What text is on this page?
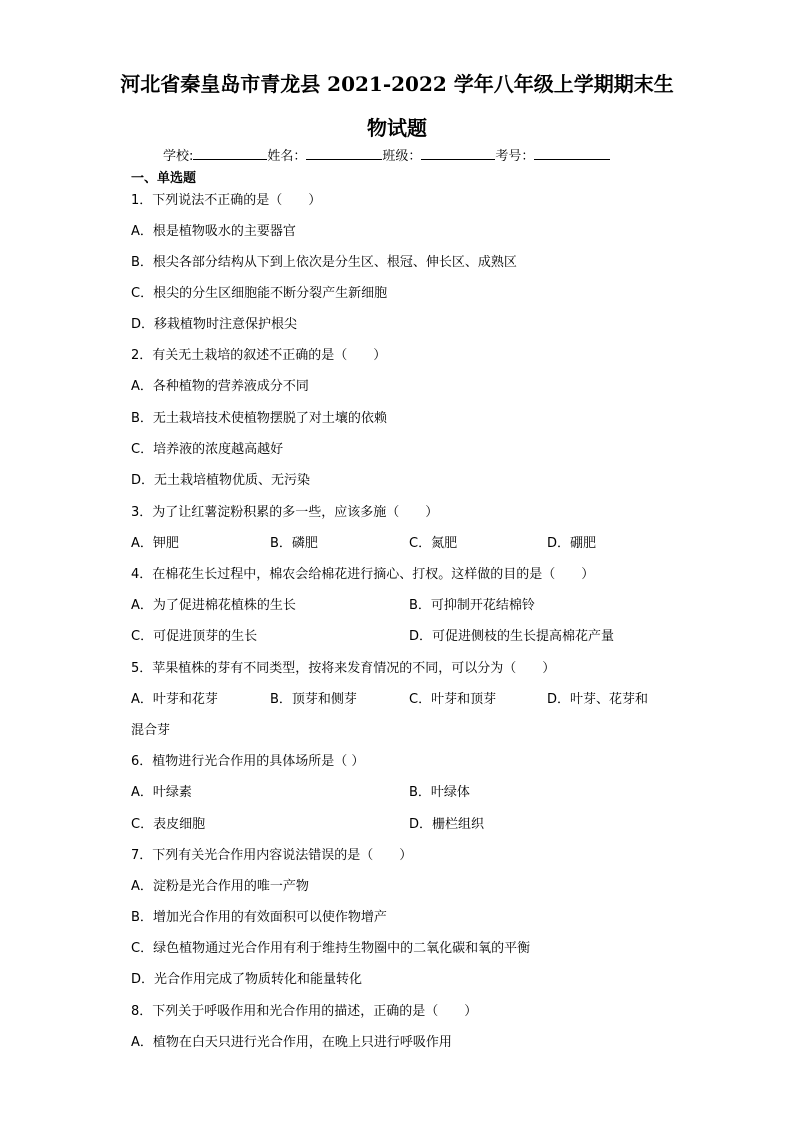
河北省秦皇岛市青龙县 2021-2022 学年八年级上学期期末生
物试题
学校:	姓名：	班级：	考号：
一、单选题
1．下列说法不正确的是（　　）
A．根是植物吸水的主要器官
B．根尖各部分结构从下到上依次是分生区、根冠、伸长区、成熟区
C．根尖的分生区细胞能不断分裂产生新细胞
D．移栽植物时注意保护根尖
2．有关无土栽培的叙述不正确的是（　　）
A．各种植物的营养液成分不同
B．无土栽培技术使植物摆脱了对土壤的依赖
C．培养液的浓度越高越好
D．无土栽培植物优质、无污染
3．为了让红薯淀粉积累的多一些，应该多施（　　）
A．钾肥	B．磷肥	C．氮肥	D．硼肥
4．在棉花生长过程中，棉农会给棉花进行摘心、打杈。这样做的目的是（　　）
A．为了促进棉花植株的生长	B．可抑制开花结棉铃
C．可促进顶芽的生长	D．可促进侧枝的生长提高棉花产量
5．苹果植株的芽有不同类型，按将来发育情况的不同，可以分为（　　）
A．叶芽和花芽	B．顶芽和侧芽	C．叶芽和顶芽	D．叶芽、花芽和
混合芽
6．植物进行光合作用的具体场所是（ ）
A．叶绿素	B．叶绿体
C．表皮细胞	D．栅栏组织
7．下列有关光合作用内容说法错误的是（　　）
A．淀粉是光合作用的唯一产物
B．增加光合作用的有效面积可以使作物增产
C．绿色植物通过光合作用有利于维持生物圈中的二氧化碳和氧的平衡
D．光合作用完成了物质转化和能量转化
8．下列关于呼吸作用和光合作用的描述，正确的是（　　）
A．植物在白天只进行光合作用，在晚上只进行呼吸作用
